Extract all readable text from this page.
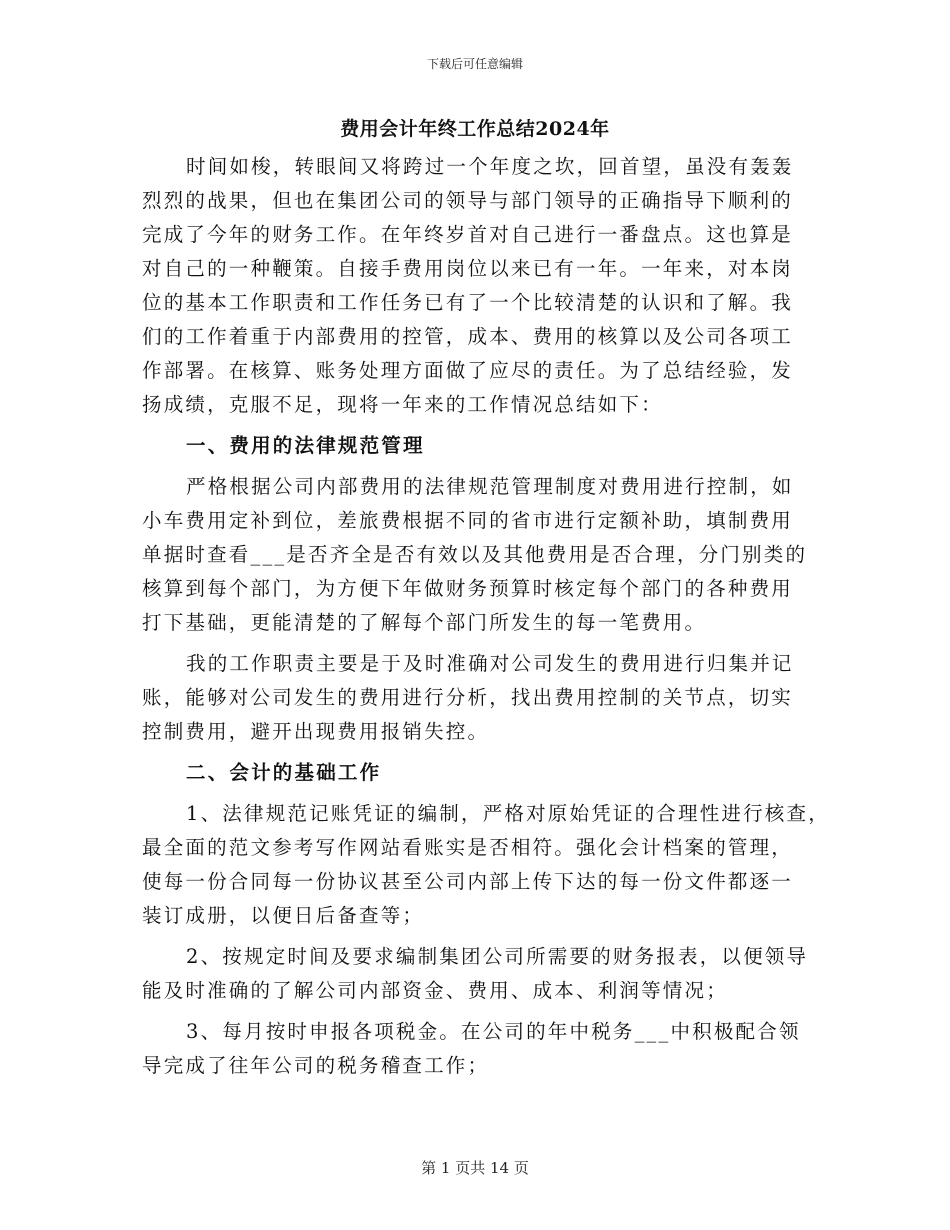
下载后可任意编辑
费用会计年终工作总结2024年
时间如梭，转眼间又将跨过一个年度之坎，回首望，虽没有轰轰
烈烈的战果，但也在集团公司的领导与部门领导的正确指导下顺利的
完成了今年的财务工作。在年终岁首对自己进行一番盘点。这也算是
对自己的一种鞭策。自接手费用岗位以来已有一年。一年来，对本岗
位的基本工作职责和工作任务已有了一个比较清楚的认识和了解。我
们的工作着重于内部费用的控管，成本、费用的核算以及公司各项工
作部署。在核算、账务处理方面做了应尽的责任。为了总结经验，发
扬成绩，克服不足，现将一年来的工作情况总结如下：
一、费用的法律规范管理
严格根据公司内部费用的法律规范管理制度对费用进行控制，如
小车费用定补到位，差旅费根据不同的省市进行定额补助，填制费用
单据时查看___是否齐全是否有效以及其他费用是否合理，分门别类的
核算到每个部门，为方便下年做财务预算时核定每个部门的各种费用
打下基础，更能清楚的了解每个部门所发生的每一笔费用。
我的工作职责主要是于及时准确对公司发生的费用进行归集并记
账，能够对公司发生的费用进行分析，找出费用控制的关节点，切实
控制费用，避开出现费用报销失控。
二、会计的基础工作
1、法律规范记账凭证的编制，严格对原始凭证的合理性进行核查，
最全面的范文参考写作网站看账实是否相符。强化会计档案的管理，
使每一份合同每一份协议甚至公司内部上传下达的每一份文件都逐一
装订成册，以便日后备查等；
2、按规定时间及要求编制集团公司所需要的财务报表，以便领导
能及时准确的了解公司内部资金、费用、成本、利润等情况；
3、每月按时申报各项税金。在公司的年中税务___中积极配合领
导完成了往年公司的税务稽查工作；
第 1 页共 14 页
